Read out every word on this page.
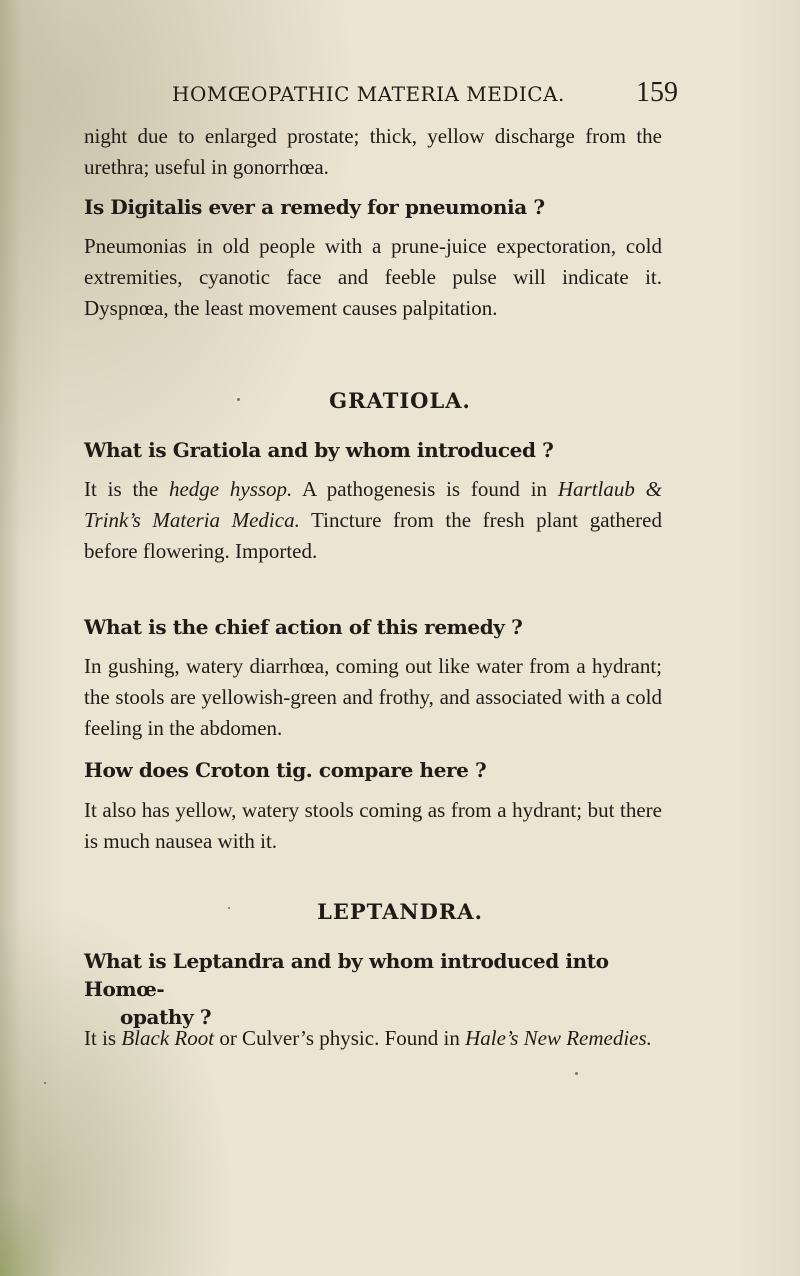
HOMŒOPATHIC MATERIA MEDICA.	159
night due to enlarged prostate; thick, yellow discharge from the urethra; useful in gonorrhœa.
Is Digitalis ever a remedy for pneumonia ?
Pneumonias in old people with a prune-juice expectoration, cold extremities, cyanotic face and feeble pulse will indicate it. Dyspnœa, the least movement causes palpitation.
GRATIOLA.
What is Gratiola and by whom introduced ?
It is the hedge hyssop. A pathogenesis is found in Hartlaub & Trink’s Materia Medica. Tincture from the fresh plant gathered before flowering. Imported.
What is the chief action of this remedy ?
In gushing, watery diarrhœa, coming out like water from a hydrant; the stools are yellowish-green and frothy, and associated with a cold feeling in the abdomen.
How does Croton tig. compare here ?
It also has yellow, watery stools coming as from a hydrant; but there is much nausea with it.
LEPTANDRA.
What is Leptandra and by whom introduced into Homœ-
opathy ?
It is Black Root or Culver’s physic. Found in Hale’s New Remedies.
